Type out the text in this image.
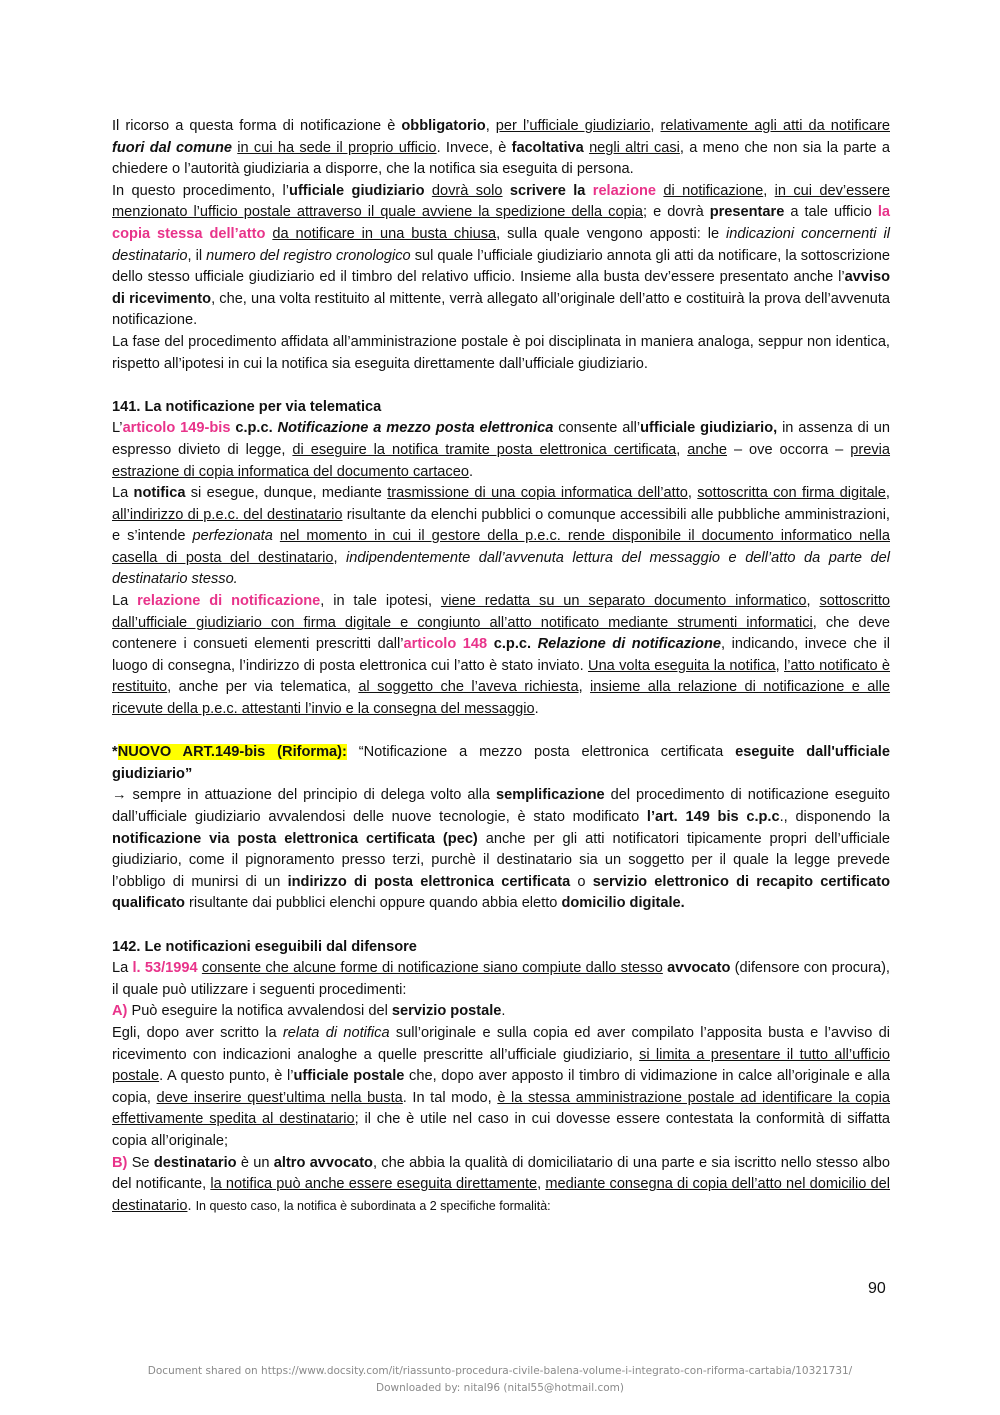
Il ricorso a questa forma di notificazione è obbligatorio, per l’ufficiale giudiziario, relativamente agli atti da notificare fuori dal comune in cui ha sede il proprio ufficio. Invece, è facoltativa negli altri casi, a meno che non sia la parte a chiedere o l’autorità giudiziaria a disporre, che la notifica sia eseguita di persona.

In questo procedimento, l’ufficiale giudiziario dovrà solo scrivere la relazione di notificazione, in cui dev’essere menzionato l’ufficio postale attraverso il quale avviene la spedizione della copia; e dovrà presentare a tale ufficio la copia stessa dell’atto da notificare in una busta chiusa, sulla quale vengono apposti: le indicazioni concernenti il destinatario, il numero del registro cronologico sul quale l’ufficiale giudiziario annota gli atti da notificare, la sottoscrizione dello stesso ufficiale giudiziario ed il timbro del relativo ufficio. Insieme alla busta dev’essere presentato anche l’avviso di ricevimento, che, una volta restituito al mittente, verrà allegato all’originale dell’atto e costituirà la prova dell’avvenuta notificazione.

La fase del procedimento affidata all’amministrazione postale è poi disciplinata in maniera analoga, seppur non identica, rispetto all’ipotesi in cui la notifica sia eseguita direttamente dall’ufficiale giudiziario.

141. La notificazione per via telematica

L’articolo 149-bis c.p.c. Notificazione a mezzo posta elettronica consente all’ufficiale giudiziario, in assenza di un espresso divieto di legge, di eseguire la notifica tramite posta elettronica certificata, anche – ove occorra – previa estrazione di copia informatica del documento cartaceo.

La notifica si esegue, dunque, mediante trasmissione di una copia informatica dell’atto, sottoscritta con firma digitale, all’indirizzo di p.e.c. del destinatario risultante da elenchi pubblici o comunque accessibili alle pubbliche amministrazioni, e s’intende perfezionata nel momento in cui il gestore della p.e.c. rende disponibile il documento informatico nella casella di posta del destinatario, indipendentemente dall’avvenuta lettura del messaggio e dell’atto da parte del destinatario stesso.

La relazione di notificazione, in tale ipotesi, viene redatta su un separato documento informatico, sottoscritto dall’ufficiale giudiziario con firma digitale e congiunto all’atto notificato mediante strumenti informatici, che deve contenere i consueti elementi prescritti dall’articolo 148 c.p.c. Relazione di notificazione, indicando, invece che il luogo di consegna, l’indirizzo di posta elettronica cui l’atto è stato inviato. Una volta eseguita la notifica, l’atto notificato è restituito, anche per via telematica, al soggetto che l’aveva richiesta, insieme alla relazione di notificazione e alle ricevute della p.e.c. attestanti l’invio e la consegna del messaggio.

*NUOVO ART.149-bis (Riforma): “Notificazione a mezzo posta elettronica certificata eseguite dall'ufficiale giudiziario”

→ sempre in attuazione del principio di delega volto alla semplificazione del procedimento di notificazione eseguito dall’ufficiale giudiziario avvalendosi delle nuove tecnologie, è stato modificato l’art. 149 bis c.p.c., disponendo la notificazione via posta elettronica certificata (pec) anche per gli atti notificatori tipicamente propri dell’ufficiale giudiziario, come il pignoramento presso terzi, purchè il destinatario sia un soggetto per il quale la legge prevede l’obbligo di munirsi di un indirizzo di posta elettronica certificata o servizio elettronico di recapito certificato qualificato risultante dai pubblici elenchi oppure quando abbia eletto domicilio digitale.

142. Le notificazioni eseguibili dal difensore

La l. 53/1994 consente che alcune forme di notificazione siano compiute dallo stesso avvocato (difensore con procura), il quale può utilizzare i seguenti procedimenti:

A) Può eseguire la notifica avvalendosi del servizio postale.

Egli, dopo aver scritto la relata di notifica sull’originale e sulla copia ed aver compilato l’apposita busta e l’avviso di ricevimento con indicazioni analoghe a quelle prescritte all’ufficiale giudiziario, si limita a presentare il tutto all’ufficio postale. A questo punto, è l’ufficiale postale che, dopo aver apposto il timbro di vidimazione in calce all’originale e alla copia, deve inserire quest’ultima nella busta. In tal modo, è la stessa amministrazione postale ad identificare la copia effettivamente spedita al destinatario; il che è utile nel caso in cui dovesse essere contestata la conformità di siffatta copia all’originale;

B) Se destinatario è un altro avvocato, che abbia la qualità di domiciliatario di una parte e sia iscritto nello stesso albo del notificante, la notifica può anche essere eseguita direttamente, mediante consegna di copia dell’atto nel domicilio del destinatario. In questo caso, la notifica è subordinata a 2 specifiche formalità:

90
Document shared on https://www.docsity.com/it/riassunto-procedura-civile-balena-volume-i-integrato-con-riforma-cartabia/10321731/
Downloaded by: nital96 (nital55@hotmail.com)
